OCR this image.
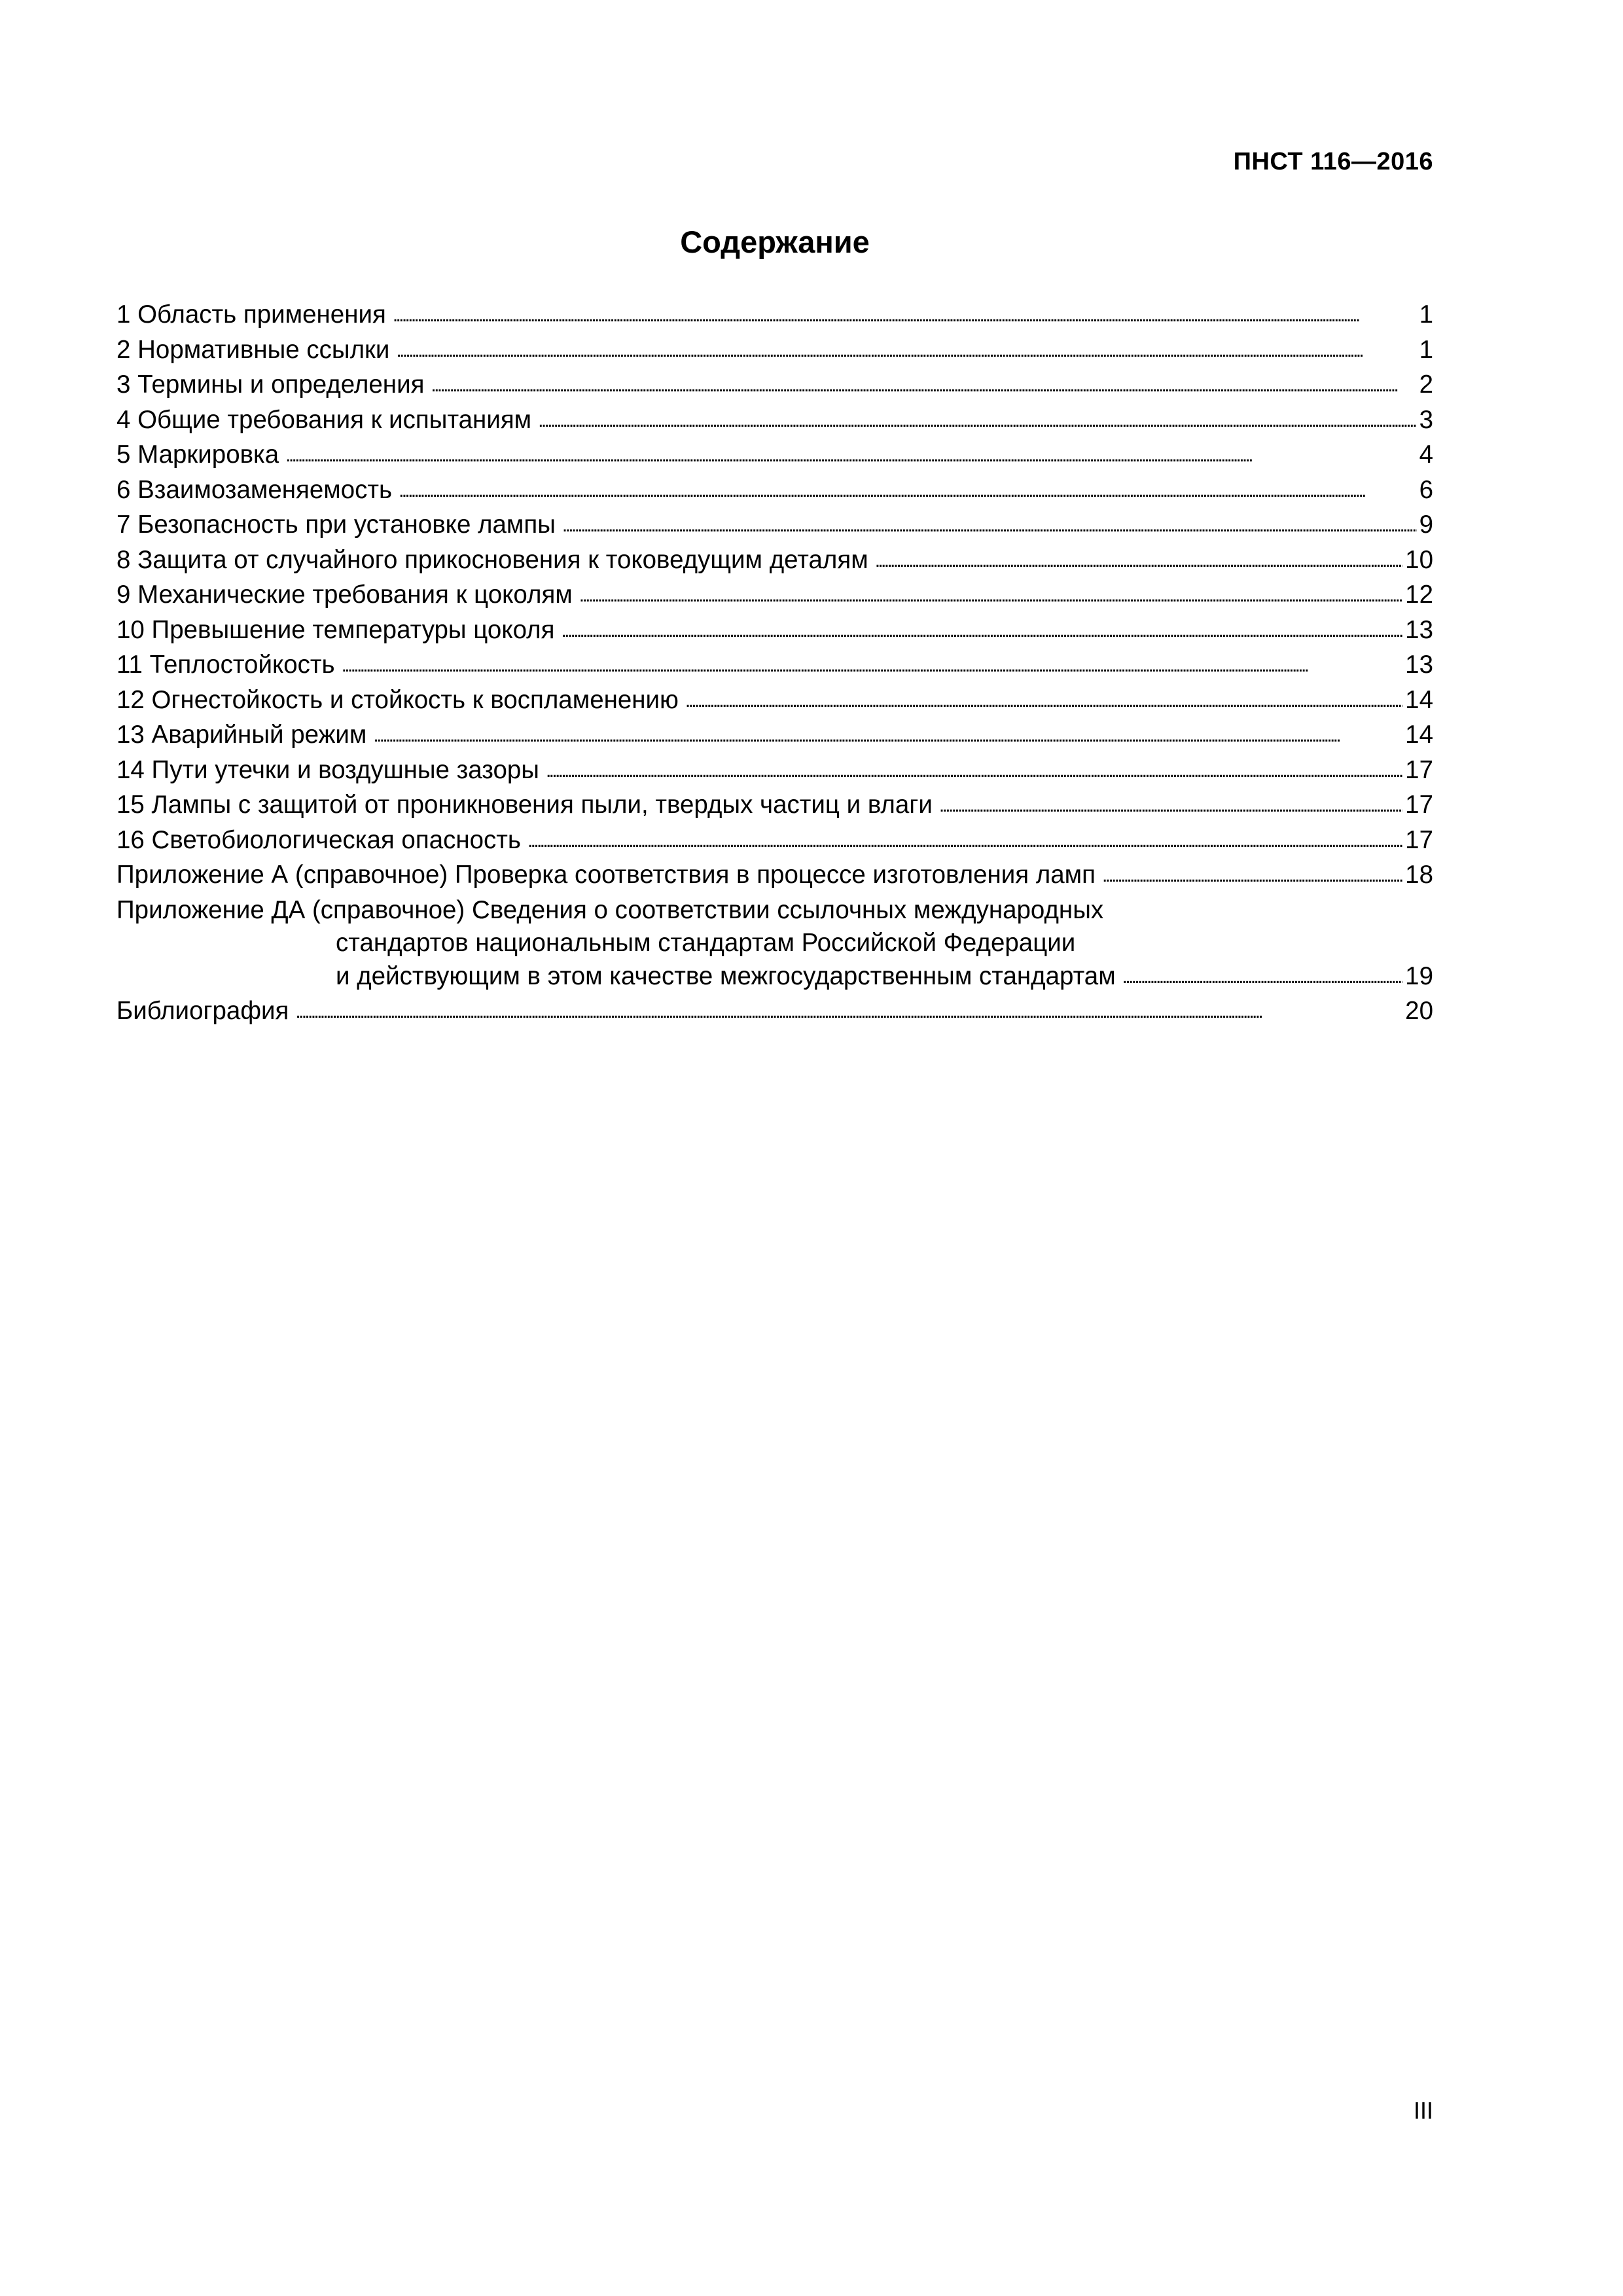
ПНСТ 116—2016
Содержание
1 Область применения . . .	1
2 Нормативные ссылки . . .	1
3 Термины и определения . . .	2
4 Общие требования к испытаниям . . .	3
5 Маркировка . . .	4
6 Взаимозаменяемость . . .	6
7 Безопасность при установке лампы . . .	9
8 Защита от случайного прикосновения к токоведущим деталям . . .	10
9 Механические требования к цоколям . . .	12
10 Превышение температуры цоколя . . .	13
11 Теплостойкость . . .	13
12 Огнестойкость и стойкость к воспламенению . . .	14
13 Аварийный режим . . .	14
14 Пути утечки и воздушные зазоры . . .	17
15 Лампы с защитой от проникновения пыли, твердых частиц и влаги . . .	17
16 Светобиологическая опасность . . .	17
Приложение А (справочное) Проверка соответствия в процессе изготовления ламп . . .	18
Приложение ДА (справочное) Сведения о соответствии ссылочных международных
стандартов национальным стандартам Российской Федерации
и действующим в этом качестве межгосударственным стандартам . . .	19
Библиография . . .	20
III
